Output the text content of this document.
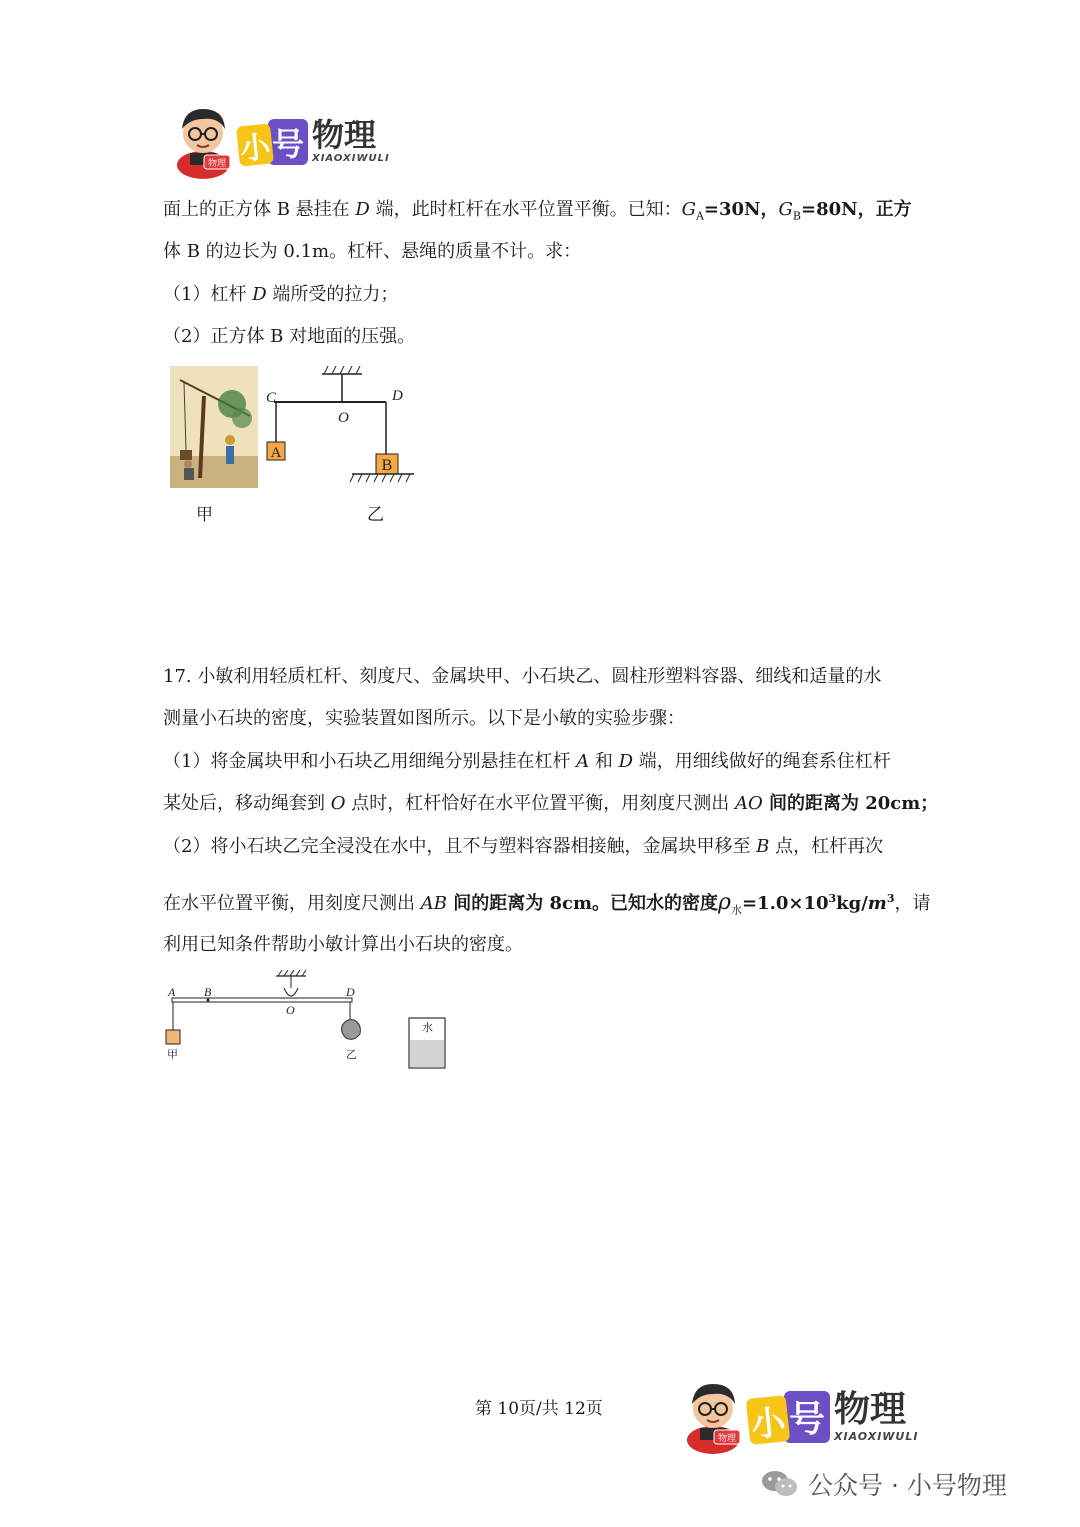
物理 小 号 物理
XIAOXIWULI
面上的正方体 B 悬挂在 D 端，此时杠杆在水平位置平衡。已知：$G_A=30N$，$G_B=80N$，正方
体 B 的边长为 0.1m。杠杆、悬绳的质量不计。求：
（1）杠杆 D 端所受的拉力；
（2）正方体 B 对地面的压强。
甲
A
B
C
O
D
乙
17. 小敏利用轻质杠杆、刻度尺、金属块甲、小石块乙、圆柱形塑料容器、细线和适量的水
测量小石块的密度，实验装置如图所示。以下是小敏的实验步骤：
（1）将金属块甲和小石块乙用细绳分别悬挂在杠杆 A 和 D 端，用细线做好的绳套系住杠杆
某处后，移动绳套到 O 点时，杠杆恰好在水平位置平衡，用刻度尺测出 AO 间的距离为 20cm；
（2）将小石块乙完全浸没在水中，且不与塑料容器相接触，金属块甲移至 B 点，杠杆再次
在水平位置平衡，用刻度尺测出 AB 间的距离为 8cm。已知水的密度$\rho_水=1.0\times 10^3kg/m^3$，请
利用已知条件帮助小敏计算出小石块的密度。
水
A B
O
D
甲	乙
第 10页/共 12页
物理 小 号 物理
XIAOXIWULI
公众号 · 小号物理
